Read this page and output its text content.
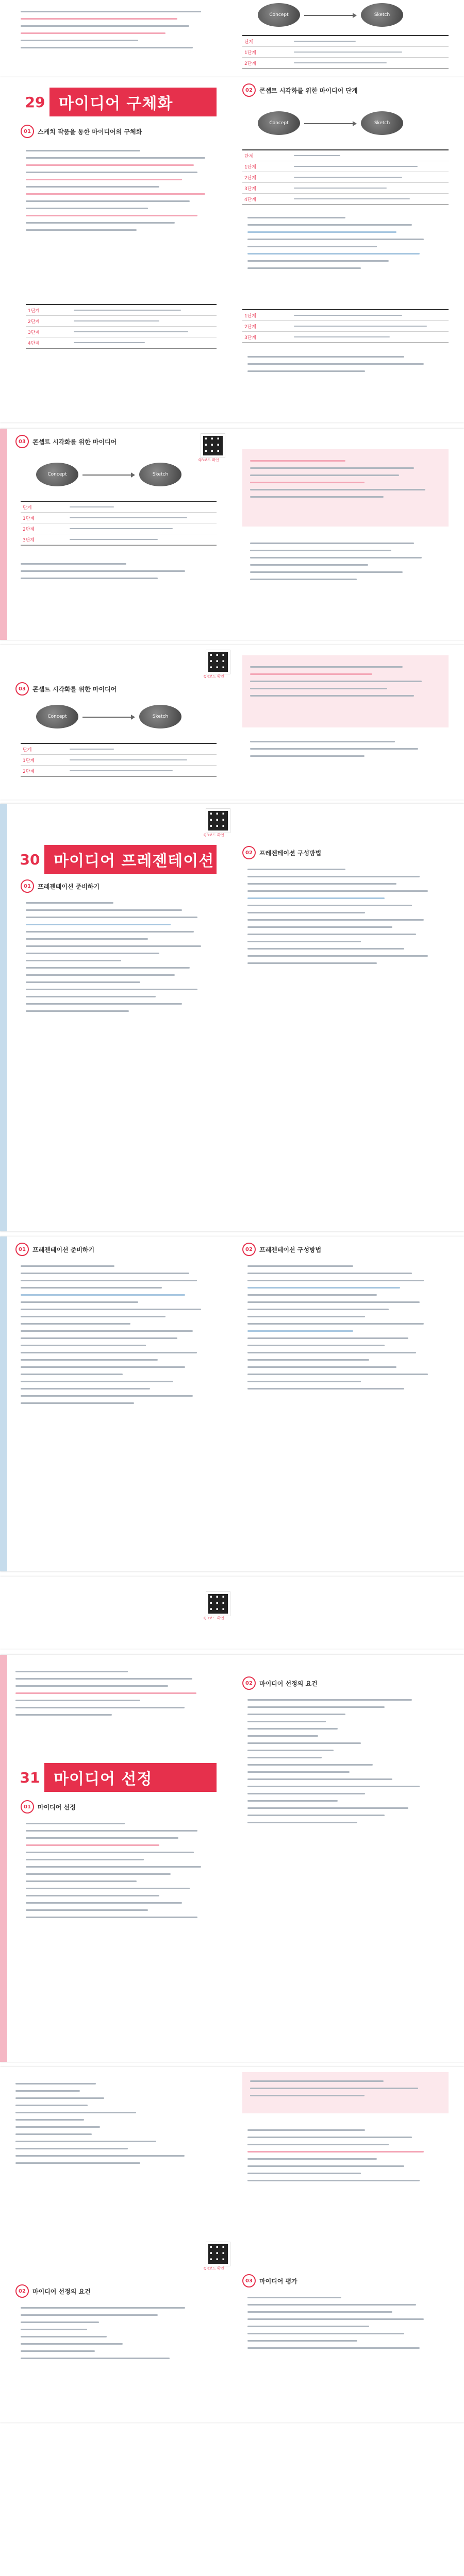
Concept	Sketch
단계
1단계
2단계
29 마이디어 구체화
01	스케치 작품을 통한 마이디어의 구체화
02	콘셉트 시각화를 위한 마이디어 단계
1단계
2단계
3단계
4단계
Concept	Sketch
단계
1단계
2단계
3단계
4단계
1단계
2단계
3단계
03	콘셉트 시각화를 위한 마이디어
Concept	Sketch
단계
1단계
2단계
3단계
QR코드 확인
QR코드 확인
03	콘셉트 시각화를 위한 마이디어
Concept	Sketch
단계
1단계
2단계
QR코드 확인
30 마이디어 프레젠테이션
01	프레젠테이션 준비하기
02	프레젠테이션 구성방법
01	프레젠테이션 준비하기	02	프레젠테이션 구성방법
QR코드 확인
31 마이디어 선정
01	마이디어 선정
02	마이디어 선정의 요건
QR코드 확인
02	마이디어 선정의 요건
03	마이디어 평가
